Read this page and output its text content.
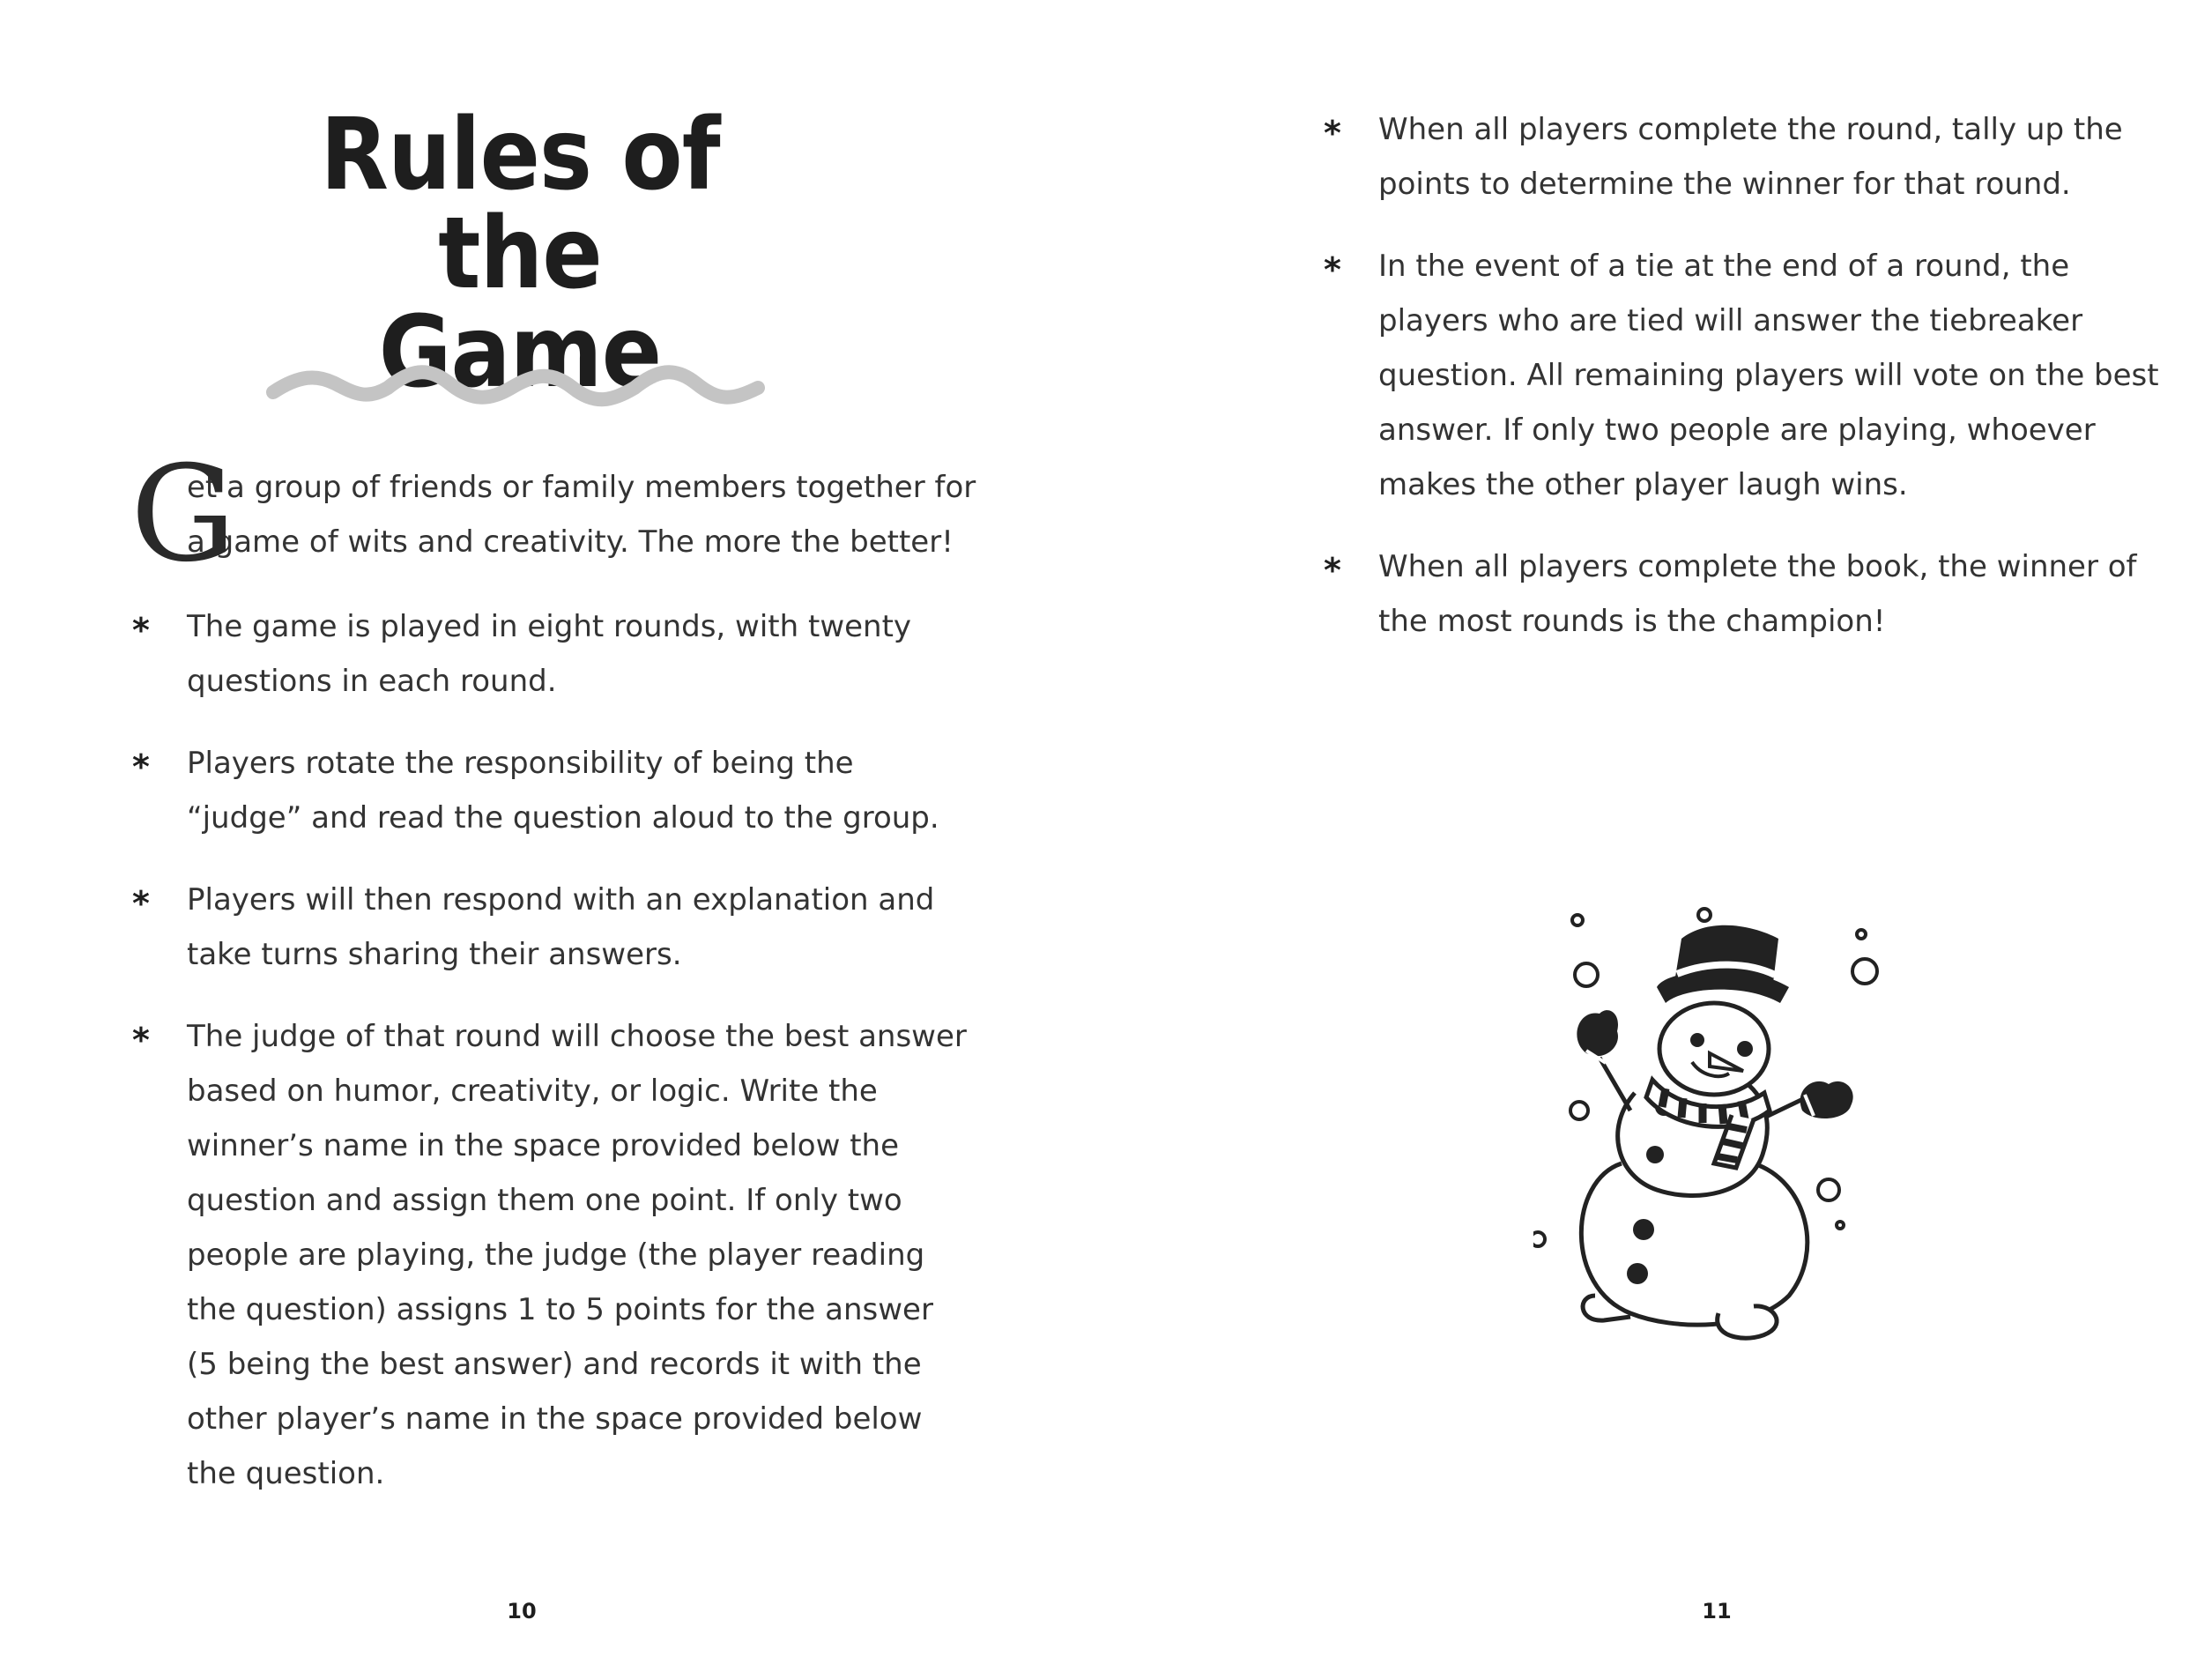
Rules of
the Game
G
et a group of friends or family members together for
a game of wits and creativity. The more the better!
*	The game is played in eight rounds, with twenty
questions in each round.
*	Players rotate the responsibility of being the
“judge” and read the question aloud to the group.
*	Players will then respond with an explanation and
take turns sharing their answers.
*	The judge of that round will choose the best answer
based on humor, creativity, or logic. Write the
winner’s name in the space provided below the
question and assign them one point. If only two
people are playing, the judge (the player reading
the question) assigns 1 to 5 points for the answer
(5 being the best answer) and records it with the
other player’s name in the space provided below
the question.
10
*	When all players complete the round, tally up the
points to determine the winner for that round.
*	In the event of a tie at the end of a round, the
players who are tied will answer the tiebreaker
question. All remaining players will vote on the best
answer. If only two people are playing, whoever
makes the other player laugh wins.
*	When all players complete the book, the winner of
the most rounds is the champion!
11
